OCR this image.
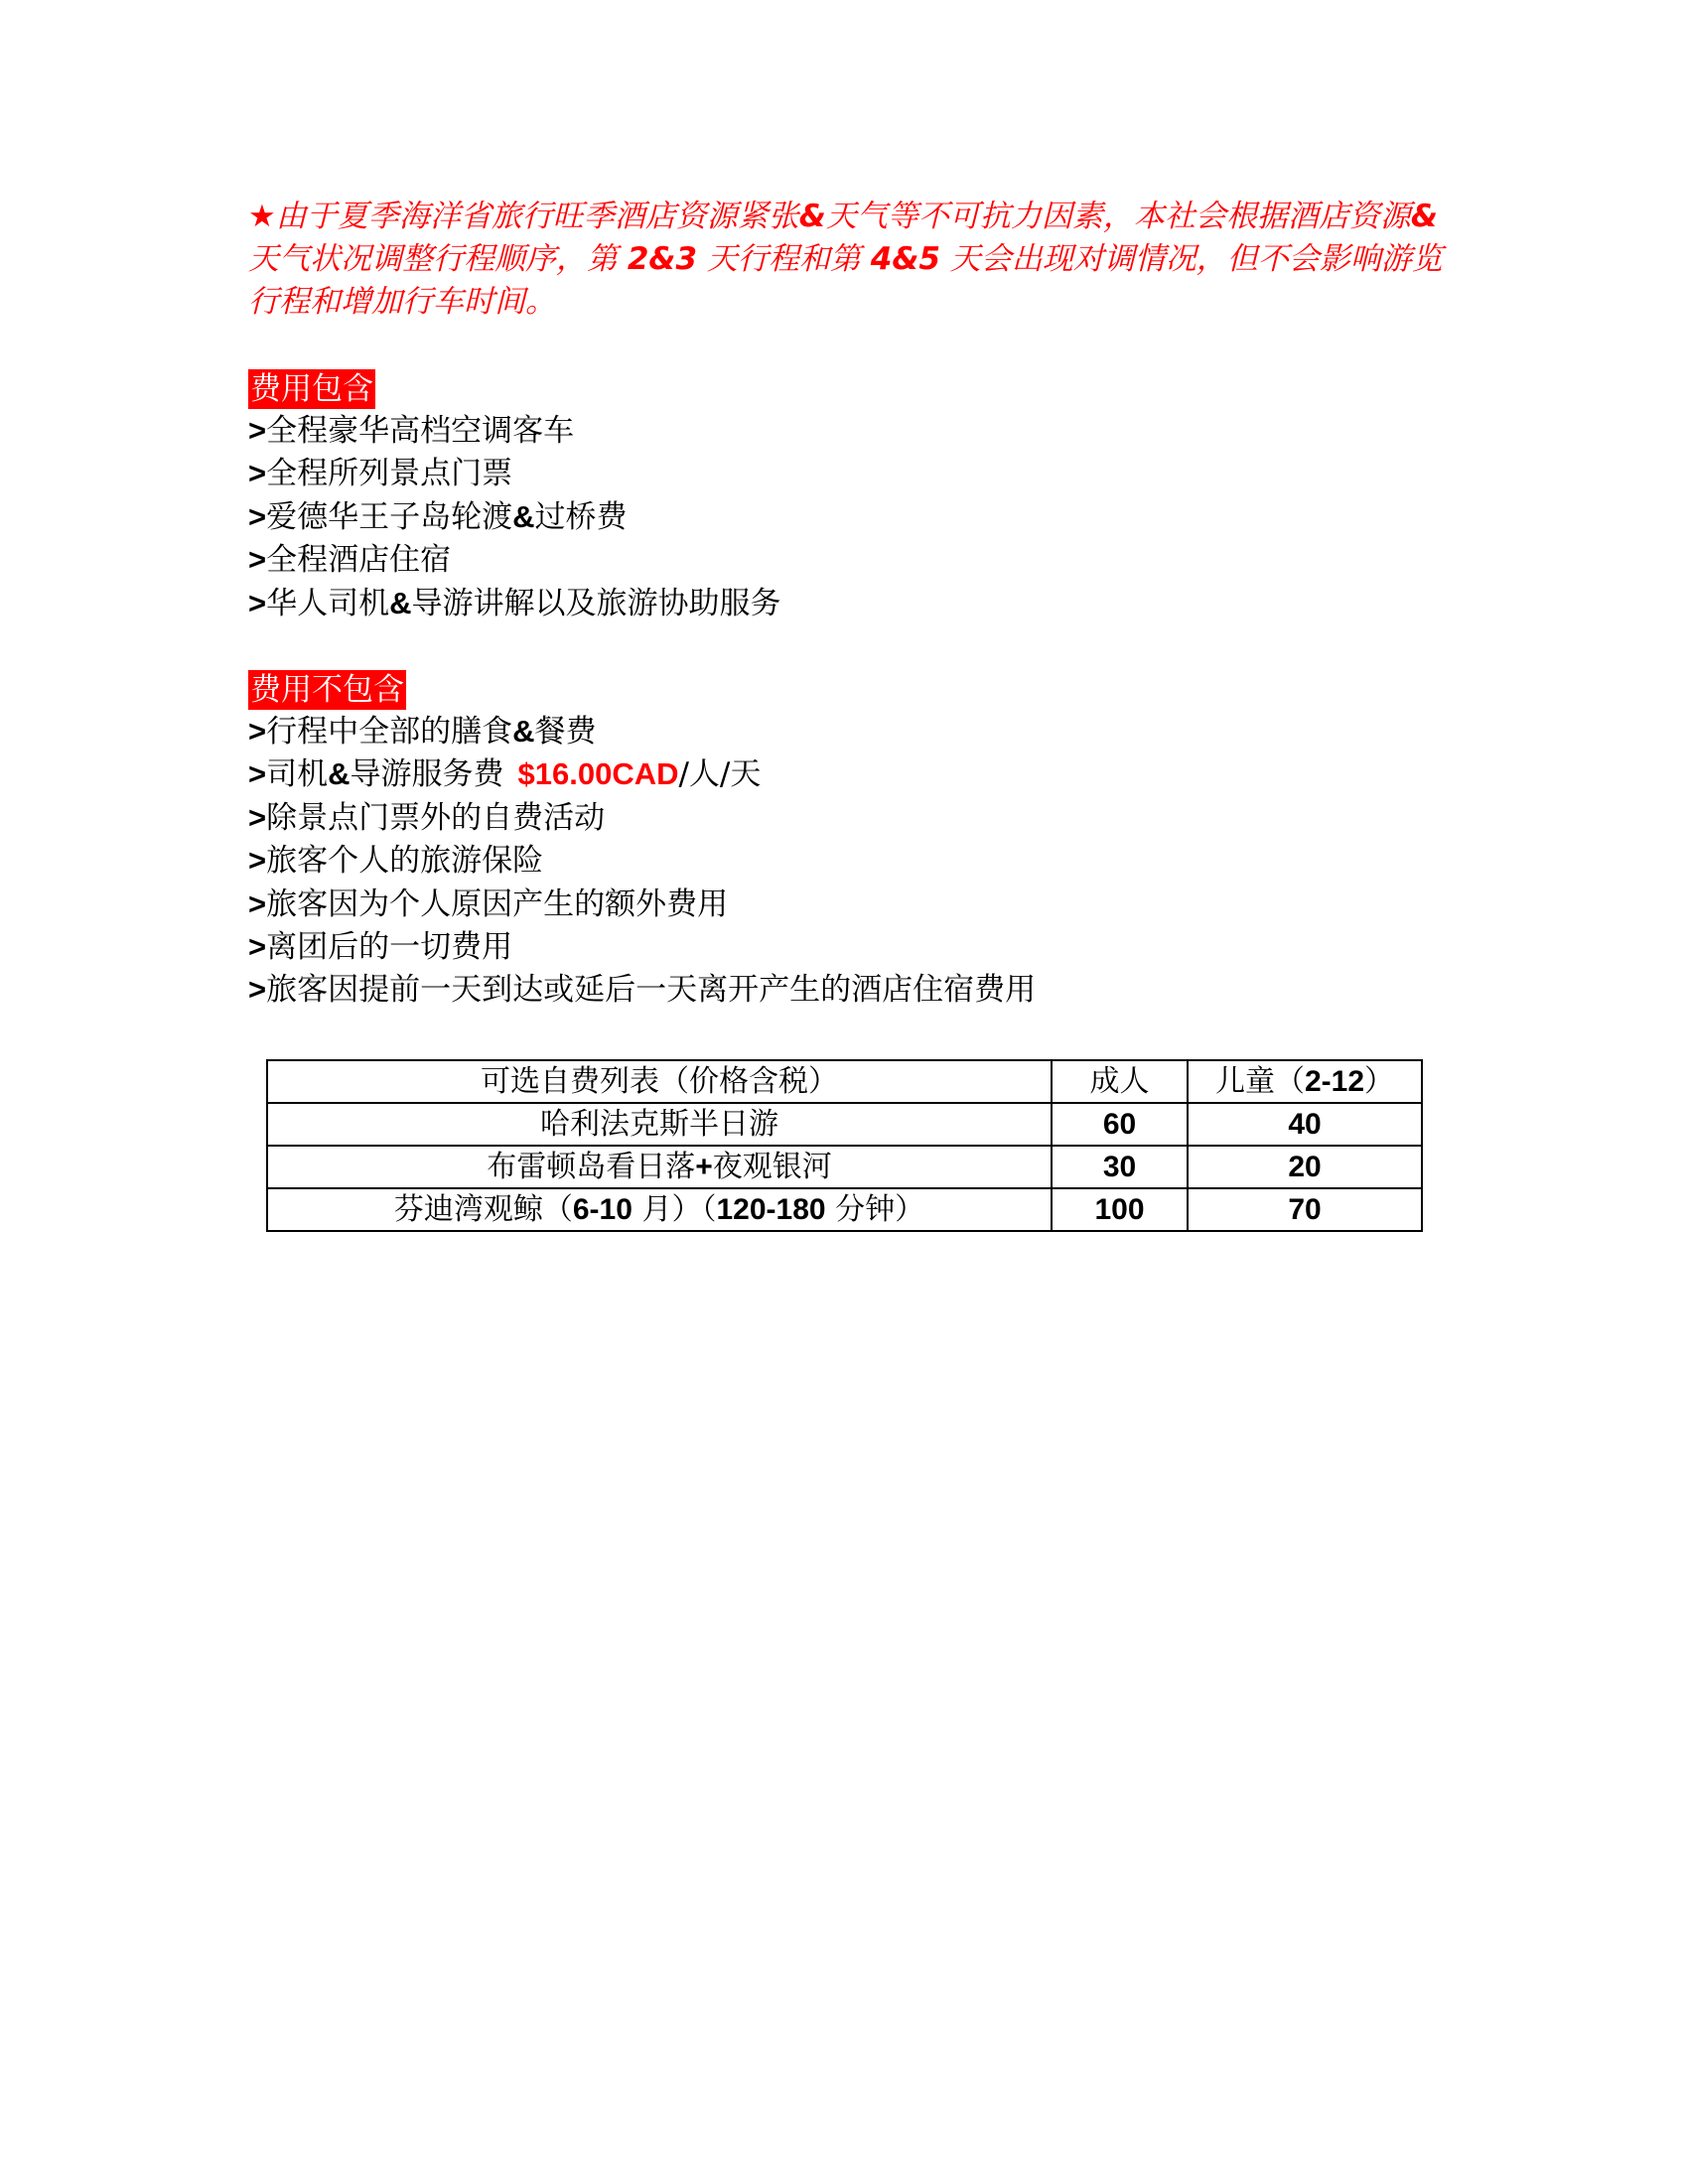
★由于夏季海洋省旅行旺季酒店资源紧张&天气等不可抗力因素，本社会根据酒店资源&天气状况调整行程顺序，第 2&3 天行程和第 4&5 天会出现对调情况，但不会影响游览行程和增加行车时间。
费用包含
>全程豪华高档空调客车
>全程所列景点门票
>爱德华王子岛轮渡&过桥费
>全程酒店住宿
>华人司机&导游讲解以及旅游协助服务
费用不包含
>行程中全部的膳食&餐费
>司机&导游服务费 $16.00CAD/人/天
>除景点门票外的自费活动
>旅客个人的旅游保险
>旅客因为个人原因产生的额外费用
>离团后的一切费用
>旅客因提前一天到达或延后一天离开产生的酒店住宿费用
可选自费列表（价格含税）	成人	儿童（2-12）
哈利法克斯半日游	60	40
布雷顿岛看日落+夜观银河	30	20
芬迪湾观鲸（6-10 月）（120-180 分钟）	100	70
